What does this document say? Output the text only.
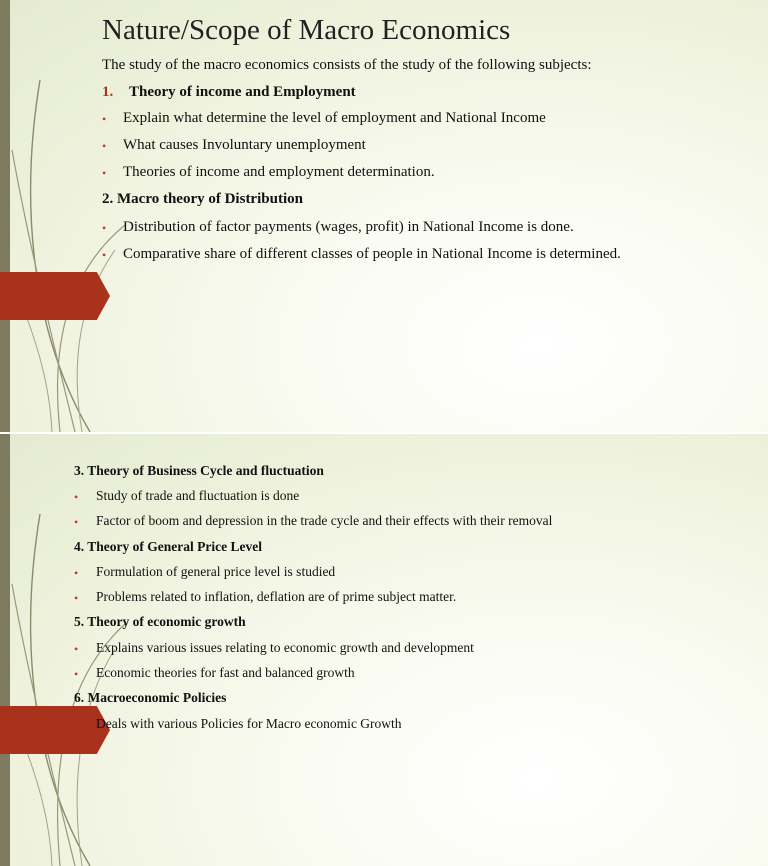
Nature/Scope of Macro Economics
The study of the macro economics consists of the study of the following subjects:
1. Theory of income and Employment
• Explain what determine the level of employment and National Income
• What causes Involuntary unemployment
• Theories of income and employment determination.
2. Macro theory of Distribution
• Distribution of factor payments (wages, profit) in National Income is done.
• Comparative share of different classes of people in National Income is determined.
3. Theory of Business Cycle and fluctuation
• Study of trade and fluctuation is done
• Factor of boom and depression in the trade cycle and their effects with their removal
4. Theory of General Price Level
• Formulation of general price level is studied
• Problems related to inflation, deflation are of prime subject matter.
5. Theory of economic growth
• Explains various issues relating to economic growth and development
• Economic theories for fast and balanced growth
6. Macroeconomic Policies
Deals with various Policies for Macro economic Growth
